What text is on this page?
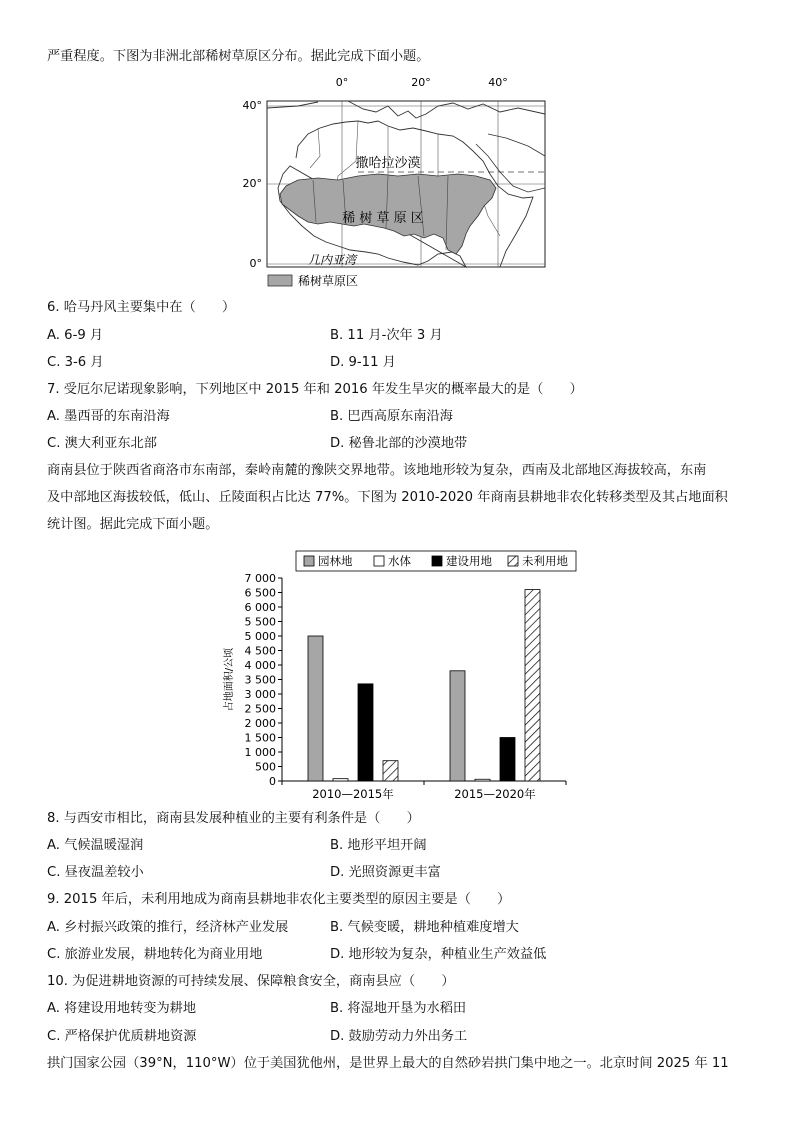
严重程度。下图为非洲北部稀树草原区分布。据此完成下面小题。
0°	20°	40°
40°
20°
0°
撒哈拉沙漠
稀 树 草 原 区
几内亚湾
稀树草原区
6. 哈马丹风主要集中在（　　）
A. 6-9 月	B. 11 月-次年 3 月
C. 3-6 月	D. 9-11 月
7. 受厄尔尼诺现象影响，下列地区中 2015 年和 2016 年发生旱灾的概率最大的是（　　）
A. 墨西哥的东南沿海	B. 巴西高原东南沿海
C. 澳大利亚东北部	D. 秘鲁北部的沙漠地带
商南县位于陕西省商洛市东南部，秦岭南麓的豫陕交界地带。该地地形较为复杂，西南及北部地区海拔较高，东南
及中部地区海拔较低，低山、丘陵面积占比达 77%。下图为 2010-2020 年商南县耕地非农化转移类型及其占地面积
统计图。据此完成下面小题。
占地面积/公顷
园林地	水体	建设用地	未利用地
0
500
1 000
1 500
2 000
2 500
3 000
3 500
4 000
4 500
5 000
5 500
6 000
6 500
7 000
2010—2015年	2015—2020年
8. 与西安市相比，商南县发展种植业的主要有利条件是（　　）
A. 气候温暖湿润	B. 地形平坦开阔
C. 昼夜温差较小	D. 光照资源更丰富
9. 2015 年后，未利用地成为商南县耕地非农化主要类型的原因主要是（　　）
A. 乡村振兴政策的推行，经济林产业发展	B. 气候变暖，耕地种植难度增大
C. 旅游业发展，耕地转化为商业用地	D. 地形较为复杂，种植业生产效益低
10. 为促进耕地资源的可持续发展、保障粮食安全，商南县应（　　）
A. 将建设用地转变为耕地	B. 将湿地开垦为水稻田
C. 严格保护优质耕地资源	D. 鼓励劳动力外出务工
拱门国家公园（39°N，110°W）位于美国犹他州，是世界上最大的自然砂岩拱门集中地之一。北京时间 2025 年 11
